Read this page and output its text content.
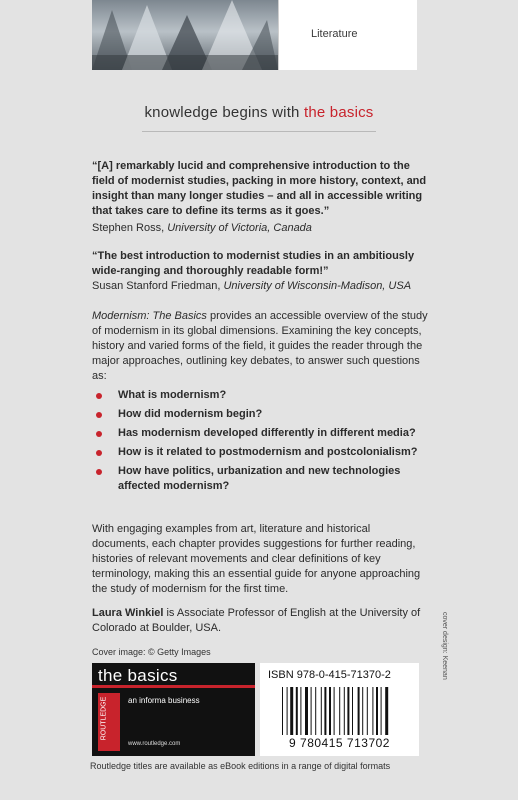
Literature
knowledge begins with the basics
“[A] remarkably lucid and comprehensive introduction to the field of modernist studies, packing in more history, context, and insight than many longer studies – and all in accessible writing that takes care to define its terms as it goes.”
Stephen Ross, University of Victoria, Canada
“The best introduction to modernist studies in an ambitiously wide-ranging and thoroughly readable form!”
Susan Stanford Friedman, University of Wisconsin-Madison, USA
Modernism: The Basics provides an accessible overview of the study of modernism in its global dimensions. Examining the key concepts, history and varied forms of the field, it guides the reader through the major approaches, outlining key debates, to answer such questions as:
What is modernism?
How did modernism begin?
Has modernism developed differently in different media?
How is it related to postmodernism and postcolonialism?
How have politics, urbanization and new technologies affected modernism?
With engaging examples from art, literature and historical documents, each chapter provides suggestions for further reading, histories of relevant movements and clear definitions of key terminology, making this an essential guide for anyone approaching the study of modernism for the first time.
Laura Winkiel is Associate Professor of English at the University of Colorado at Boulder, USA.
Cover image: © Getty Images
the basics
ROUTLEDGE	an informa business
www.routledge.com
ISBN 978-0-415-71370-2
9 780415 713702
cover design: Keenan
Routledge titles are available as eBook editions in a range of digital formats
